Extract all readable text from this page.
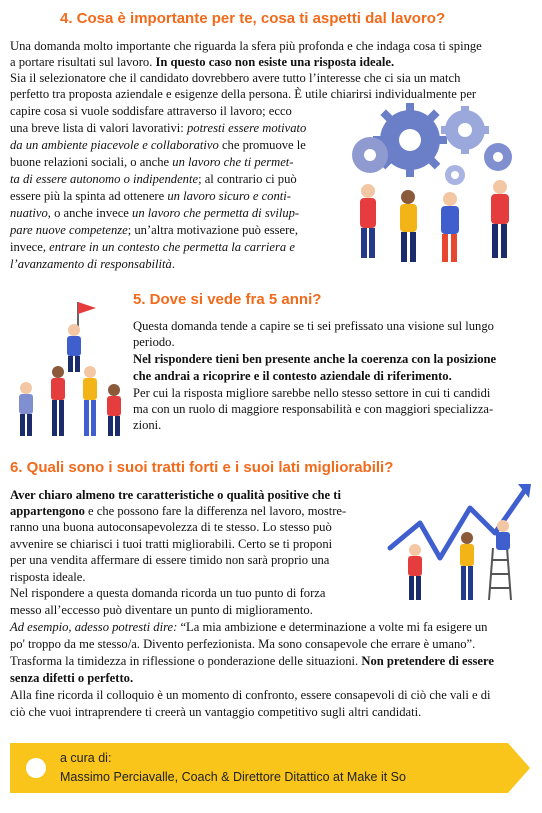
4. Cosa è importante per te, cosa ti aspetti dal lavoro?
Una domanda molto importante che riguarda la sfera più profonda e che indaga cosa ti spinge
a portare risultati sul lavoro. In questo caso non esiste una risposta ideale.
Sia il selezionatore che il candidato dovrebbero avere tutto l’interesse che ci sia un match
perfetto tra proposta aziendale e esigenze della persona. È utile chiarirsi individualmente per
capire cosa si vuole soddisfare attraverso il lavoro; ecco
una breve lista di valori lavorativi: potresti essere motivato
da un ambiente piacevole e collaborativo che promuove le
buone relazioni sociali, o anche un lavoro che ti permet-
ta di essere autonomo o indipendente; al contrario ci può
essere più la spinta ad ottenere un lavoro sicuro e conti-
nuativo, o anche invece un lavoro che permetta di svilup-
pare nuove competenze; un’altra motivazione può essere,
invece, entrare in un contesto che permetta la carriera e
l’avanzamento di responsabilità.
5. Dove si vede fra 5 anni?
Questa domanda tende a capire se ti sei prefissato una visione sul lungo
periodo.
Nel rispondere tieni ben presente anche la coerenza con la posizione
che andrai a ricoprire e il contesto aziendale di riferimento.
Per cui la risposta migliore sarebbe nello stesso settore in cui ti candidi
ma con un ruolo di maggiore responsabilità e con maggiori specializza-
zioni.
6. Quali sono i suoi tratti forti e i suoi lati migliorabili?
Aver chiaro almeno tre caratteristiche o qualità positive che ti
appartengono e che possono fare la differenza nel lavoro, mostre-
ranno una buona autoconsapevolezza di te stesso. Lo stesso può
avvenire se chiarisci i tuoi tratti migliorabili. Certo se ti proponi
per una vendita affermare di essere timido non sarà proprio una
risposta ideale.
Nel rispondere a questa domanda ricorda un tuo punto di forza
messo all’eccesso può diventare un punto di miglioramento.
Ad esempio, adesso potresti dire: “La mia ambizione e determinazione a volte mi fa esigere un
po' troppo da me stesso/a. Divento perfezionista. Ma sono consapevole che errare è umano”.
Trasforma la timidezza in riflessione o ponderazione delle situazioni. Non pretendere di essere
senza difetti o perfetto.
Alla fine ricorda il colloquio è un momento di confronto, essere consapevoli di ciò che vali e di
ciò che vuoi intraprendere ti creerà un vantaggio competitivo sugli altri candidati.
a cura di:
Massimo Perciavalle, Coach & Direttore Ditattico at Make it So
